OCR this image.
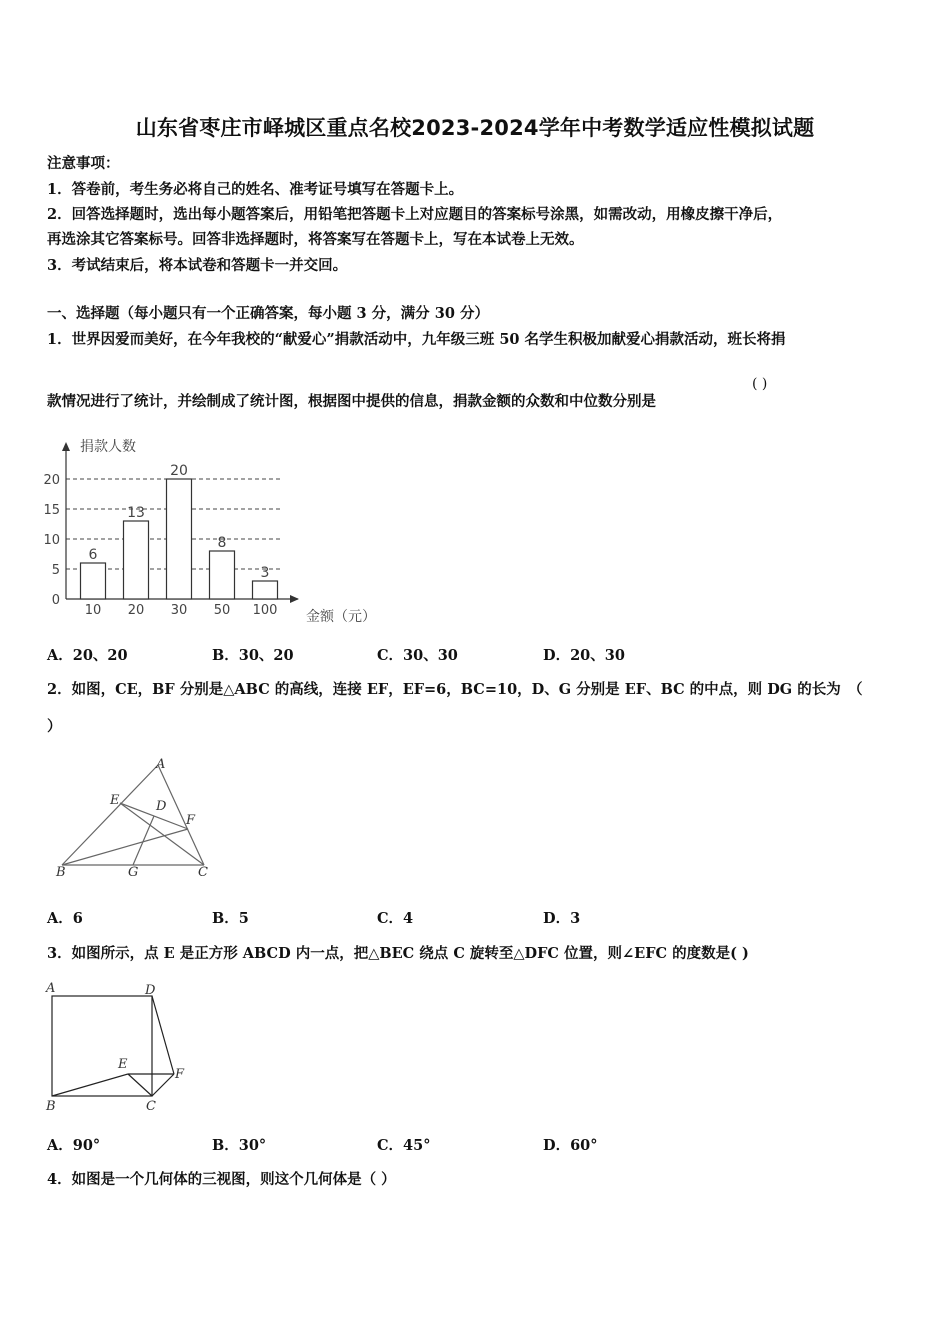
山东省枣庄市峄城区重点名校2023-2024学年中考数学适应性模拟试题
注意事项：
1．答卷前，考生务必将自己的姓名、准考证号填写在答题卡上。
2．回答选择题时，选出每小题答案后，用铅笔把答题卡上对应题目的答案标号涂黑，如需改动，用橡皮擦干净后，
再选涂其它答案标号。回答非选择题时，将答案写在答题卡上，写在本试卷上无效。
3．考试结束后，将本试卷和答题卡一并交回。
一、选择题（每小题只有一个正确答案，每小题 3 分，满分 30 分）
1．世界因爱而美好，在今年我校的“献爱心”捐款活动中，九年级三班 50 名学生积极加献爱心捐款活动，班长将捐
款情况进行了统计，并绘制成了统计图，根据图中提供的信息，捐款金额的众数和中位数分别是
( )
0
5
10
15
20
捐款人数
金额（元）
6
10
13
20
20
30
8
50
3
100
A．20、20	B．30、20	C．30、30	D．20、30
2．如图，CE，BF 分别是△ABC 的高线，连接 EF，EF=6，BC=10，D、G 分别是 EF、BC 的中点，则 DG 的长为　（
）
A
E	D
F
B	G	C
A．6	B．5	C．4	D．3
3．如图所示，点 E 是正方形 ABCD 内一点，把△BEC 绕点 C 旋转至△DFC 位置，则∠EFC 的度数是( )
A	D
E
F
B	C
A．90°	B．30°	C．45°	D．60°
4．如图是一个几何体的三视图，则这个几何体是（ ）
